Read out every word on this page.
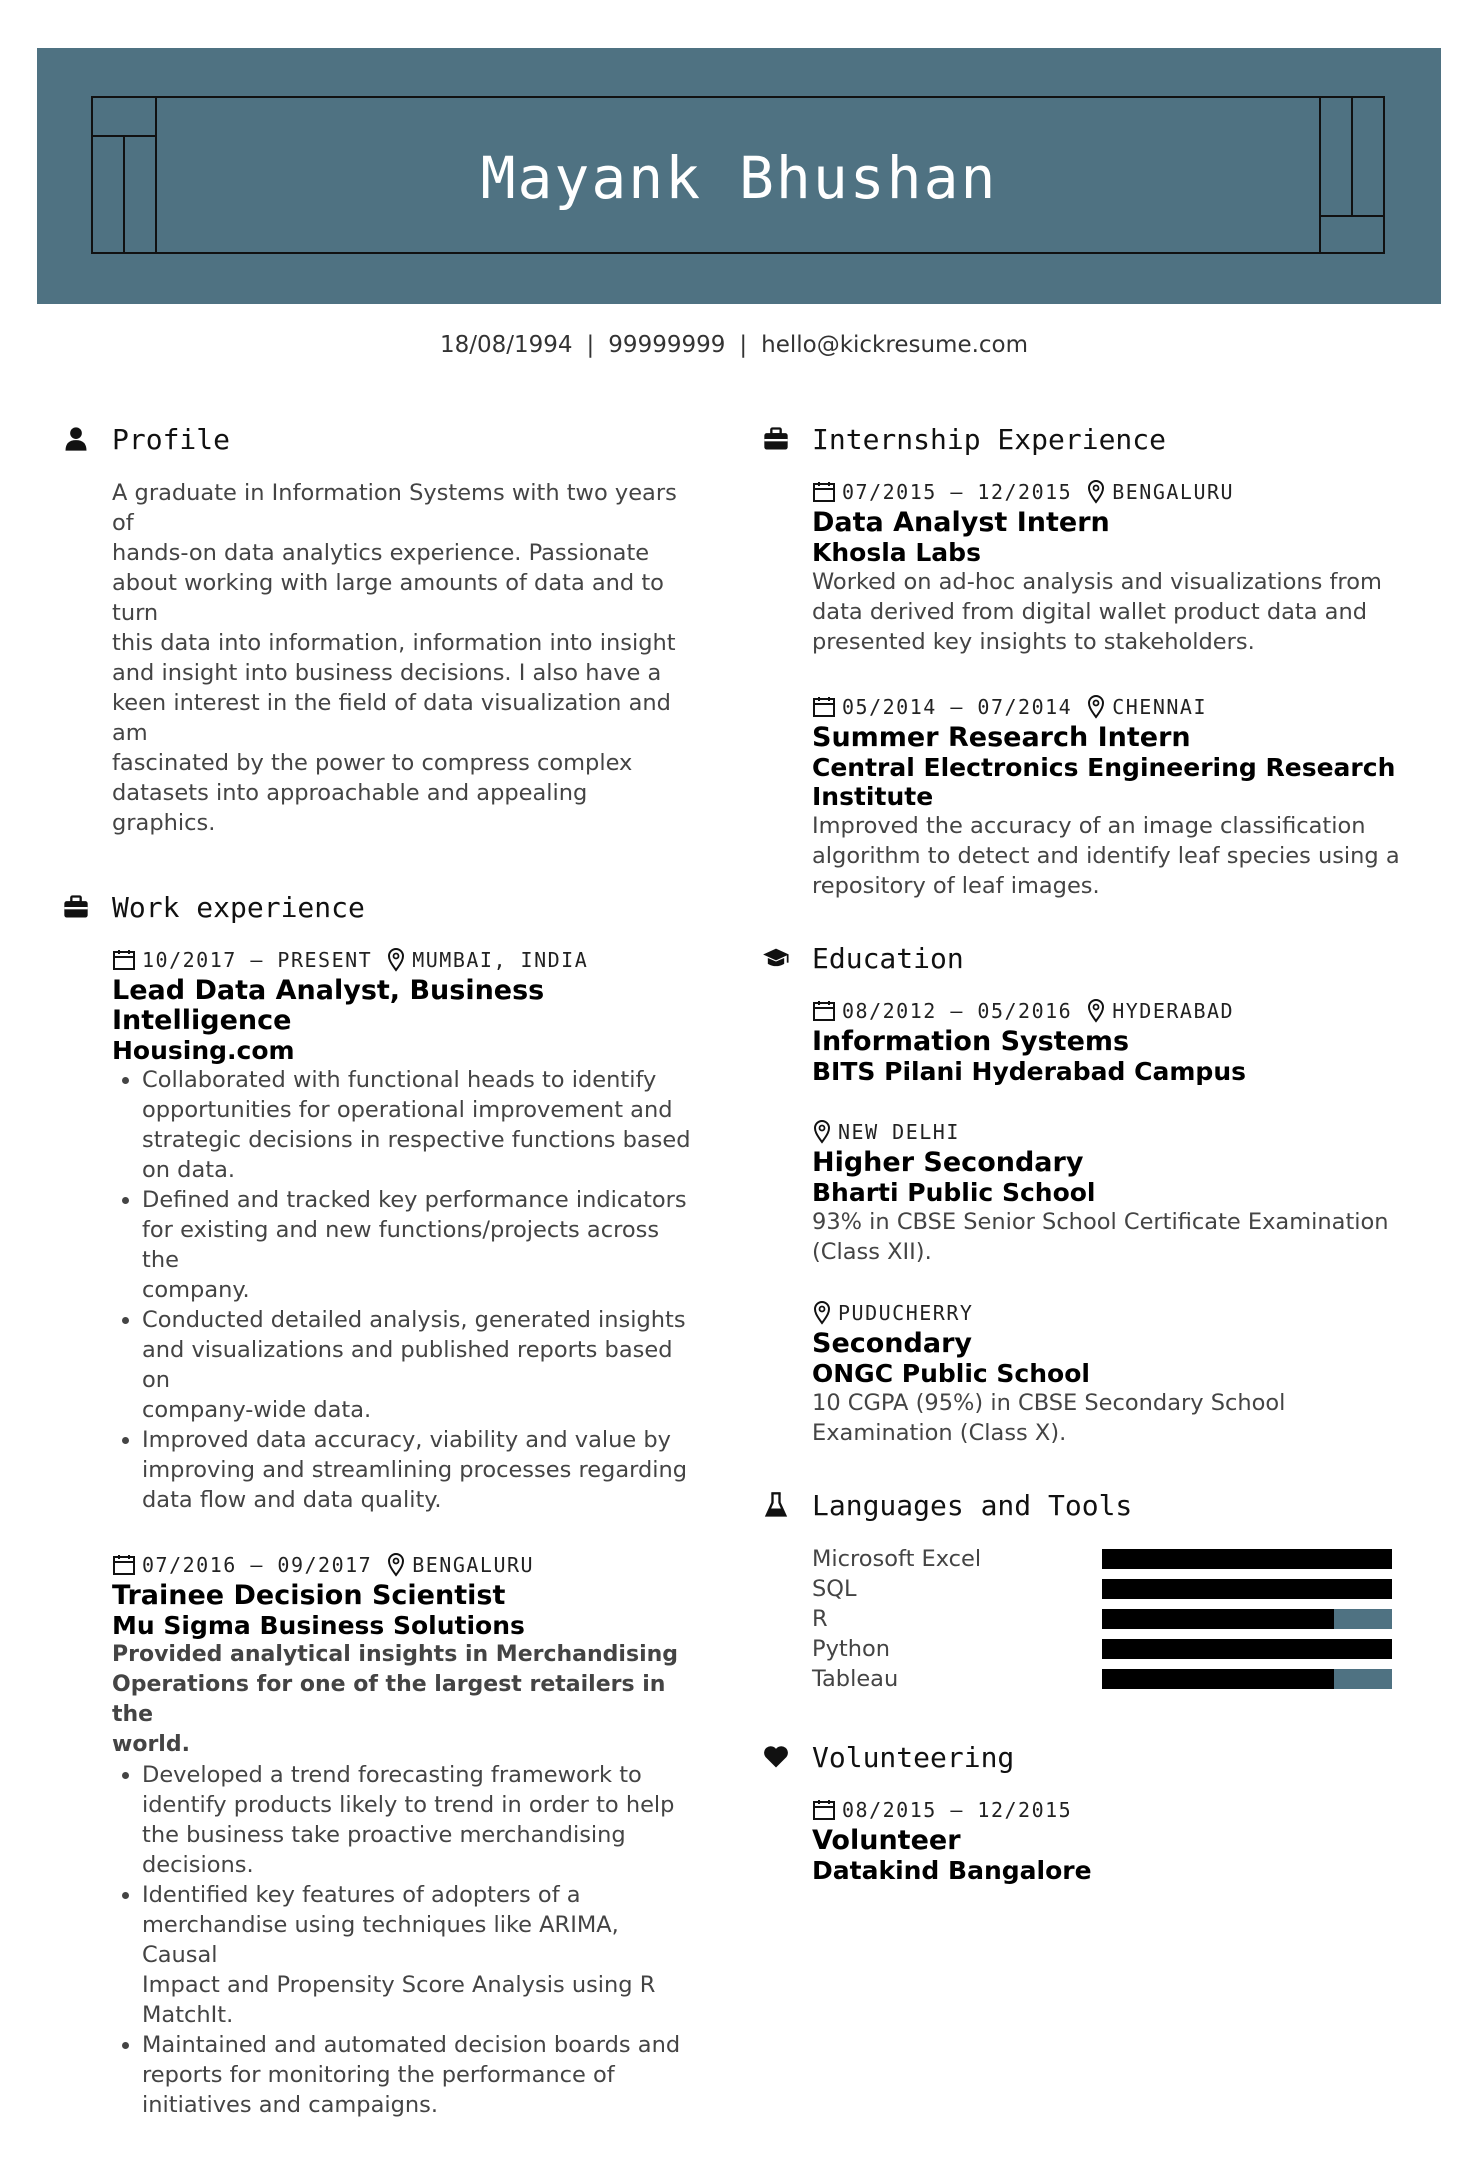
Mayank Bhushan
18/08/1994 | 99999999 | hello@kickresume.com
Profile
A graduate in Information Systems with two years of
hands-on data analytics experience. Passionate
about working with large amounts of data and to turn
this data into information, information into insight
and insight into business decisions. I also have a
keen interest in the field of data visualization and am
fascinated by the power to compress complex
datasets into approachable and appealing graphics.
Work experience
10/2017 – PRESENT MUMBAI, INDIA
Lead Data Analyst, Business Intelligence
Housing.com
• Collaborated with functional heads to identify
opportunities for operational improvement and
strategic decisions in respective functions based
on data.
• Defined and tracked key performance indicators
for existing and new functions/projects across the
company.
• Conducted detailed analysis, generated insights
and visualizations and published reports based on
company-wide data.
• Improved data accuracy, viability and value by
improving and streamlining processes regarding
data flow and data quality.
07/2016 – 09/2017 BENGALURU
Trainee Decision Scientist
Mu Sigma Business Solutions
Provided analytical insights in Merchandising
Operations for one of the largest retailers in the
world.
• Developed a trend forecasting framework to
identify products likely to trend in order to help
the business take proactive merchandising
decisions.
• Identified key features of adopters of a
merchandise using techniques like ARIMA, Causal
Impact and Propensity Score Analysis using R
MatchIt.
• Maintained and automated decision boards and
reports for monitoring the performance of
initiatives and campaigns.
Internship Experience
07/2015 – 12/2015 BENGALURU
Data Analyst Intern
Khosla Labs
Worked on ad-hoc analysis and visualizations from
data derived from digital wallet product data and
presented key insights to stakeholders.
05/2014 – 07/2014 CHENNAI
Summer Research Intern
Central Electronics Engineering Research
Institute
Improved the accuracy of an image classification
algorithm to detect and identify leaf species using a
repository of leaf images.
Education
08/2012 – 05/2016 HYDERABAD
Information Systems
BITS Pilani Hyderabad Campus
NEW DELHI
Higher Secondary
Bharti Public School
93% in CBSE Senior School Certificate Examination
(Class XII).
PUDUCHERRY
Secondary
ONGC Public School
10 CGPA (95%) in CBSE Secondary School
Examination (Class X).
Languages and Tools
Microsoft Excel
SQL
R
Python
Tableau
Volunteering
08/2015 – 12/2015
Volunteer
Datakind Bangalore
